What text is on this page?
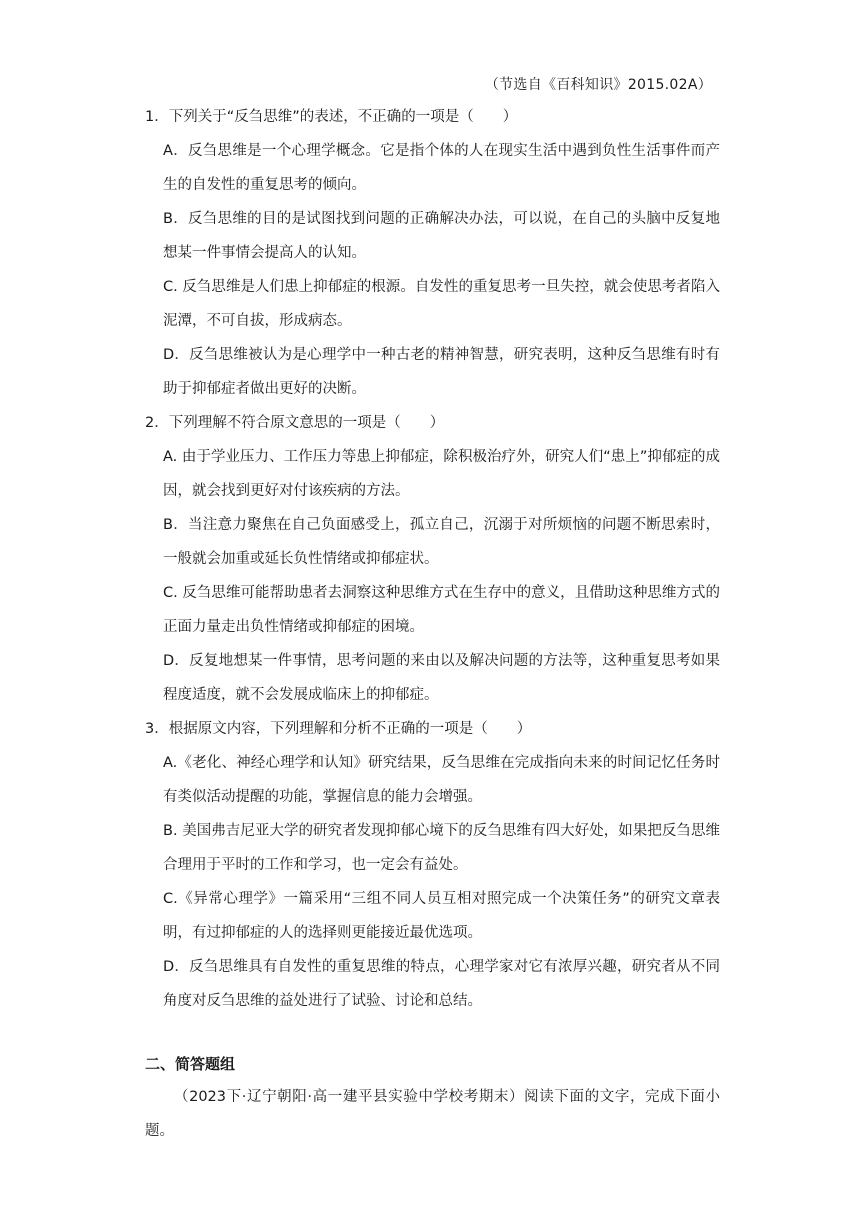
（节选自《百科知识》2015.02A）

1．下列关于“反刍思维”的表述，不正确的一项是（　　）

A．反刍思维是一个心理学概念。它是指个体的人在现实生活中遇到负性生活事件而产生的自发性的重复思考的倾向。

B．反刍思维的目的是试图找到问题的正确解决办法，可以说，在自己的头脑中反复地想某一件事情会提高人的认知。

C. 反刍思维是人们患上抑郁症的根源。自发性的重复思考一旦失控，就会使思考者陷入泥潭，不可自拔，形成病态。

D．反刍思维被认为是心理学中一种古老的精神智慧，研究表明，这种反刍思维有时有助于抑郁症者做出更好的决断。

2．下列理解不符合原文意思的一项是（　　）

A. 由于学业压力、工作压力等患上抑郁症，除积极治疗外，研究人们“患上”抑郁症的成因，就会找到更好对付该疾病的方法。

B．当注意力聚焦在自己负面感受上，孤立自己，沉溺于对所烦恼的问题不断思索时，一般就会加重或延长负性情绪或抑郁症状。

C. 反刍思维可能帮助患者去洞察这种思维方式在生存中的意义，且借助这种思维方式的正面力量走出负性情绪或抑郁症的困境。

D．反复地想某一件事情，思考问题的来由以及解决问题的方法等，这种重复思考如果程度适度，就不会发展成临床上的抑郁症。

3．根据原文内容，下列理解和分析不正确的一项是（　　）

A.《老化、神经心理学和认知》研究结果，反刍思维在完成指向未来的时间记忆任务时有类似活动提醒的功能，掌握信息的能力会增强。

B. 美国弗吉尼亚大学的研究者发现抑郁心境下的反刍思维有四大好处，如果把反刍思维合理用于平时的工作和学习，也一定会有益处。

C.《异常心理学》一篇采用“三组不同人员互相对照完成一个决策任务”的研究文章表明，有过抑郁症的人的选择则更能接近最优选项。

D．反刍思维具有自发性的重复思维的特点，心理学家对它有浓厚兴趣，研究者从不同角度对反刍思维的益处进行了试验、讨论和总结。

二、简答题组
（2023下·辽宁朝阳·高一建平县实验中学校考期末）阅读下面的文字，完成下面小题。
